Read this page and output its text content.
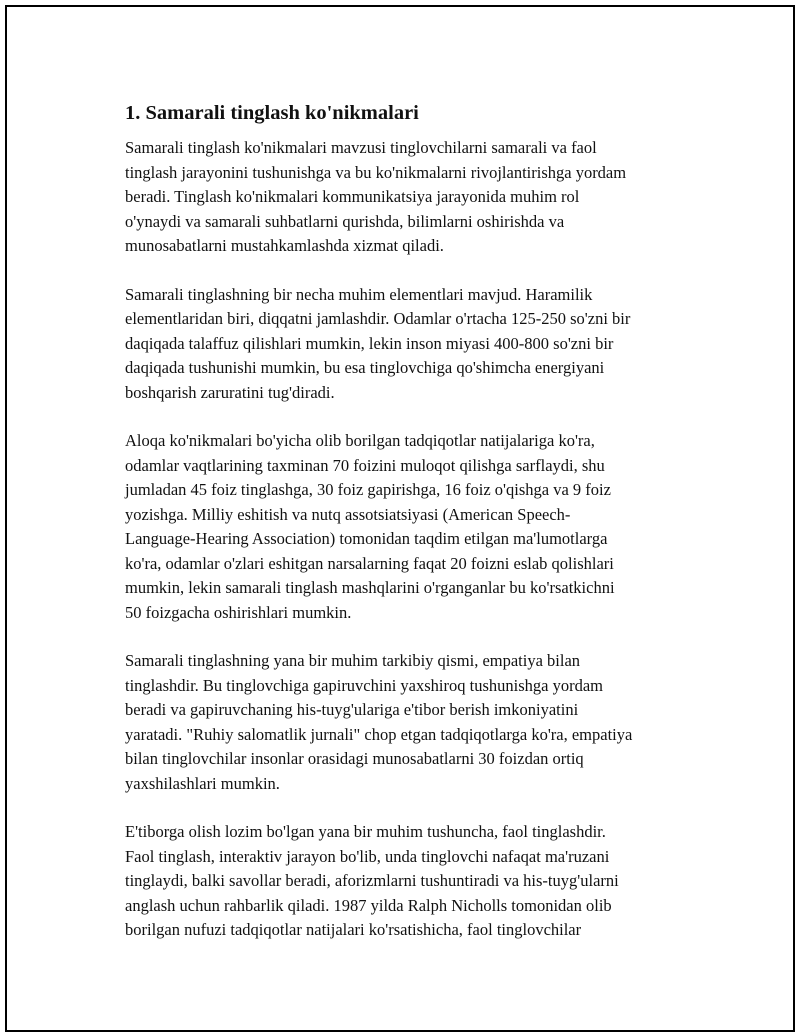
1. Samarali tinglash ko'nikmalari

Samarali tinglash ko'nikmalari mavzusi tinglovchilarni samarali va faol
tinglash jarayonini tushunishga va bu ko'nikmalarni rivojlantirishga yordam
beradi. Tinglash ko'nikmalari kommunikatsiya jarayonida muhim rol
o'ynaydi va samarali suhbatlarni qurishda, bilimlarni oshirishda va
munosabatlarni mustahkamlashda xizmat qiladi.

Samarali tinglashning bir necha muhim elementlari mavjud. Haramilik
elementlaridan biri, diqqatni jamlashdir. Odamlar o'rtacha 125-250 so'zni bir
daqiqada talaffuz qilishlari mumkin, lekin inson miyasi 400-800 so'zni bir
daqiqada tushunishi mumkin, bu esa tinglovchiga qo'shimcha energiyani
boshqarish zaruratini tug'diradi.

Aloqa ko'nikmalari bo'yicha olib borilgan tadqiqotlar natijalariga ko'ra,
odamlar vaqtlarining taxminan 70 foizini muloqot qilishga sarflaydi, shu
jumladan 45 foiz tinglashga, 30 foiz gapirishga, 16 foiz o'qishga va 9 foiz
yozishga. Milliy eshitish va nutq assotsiatsiyasi (American Speech-
Language-Hearing Association) tomonidan taqdim etilgan ma'lumotlarga
ko'ra, odamlar o'zlari eshitgan narsalarning faqat 20 foizni eslab qolishlari
mumkin, lekin samarali tinglash mashqlarini o'rganganlar bu ko'rsatkichni
50 foizgacha oshirishlari mumkin.

Samarali tinglashning yana bir muhim tarkibiy qismi, empatiya bilan
tinglashdir. Bu tinglovchiga gapiruvchini yaxshiroq tushunishga yordam
beradi va gapiruvchaning his-tuyg'ulariga e'tibor berish imkoniyatini
yaratadi. "Ruhiy salomatlik jurnali" chop etgan tadqiqotlarga ko'ra, empatiya
bilan tinglovchilar insonlar orasidagi munosabatlarni 30 foizdan ortiq
yaxshilashlari mumkin.

E'tiborga olish lozim bo'lgan yana bir muhim tushuncha, faol tinglashdir.
Faol tinglash, interaktiv jarayon bo'lib, unda tinglovchi nafaqat ma'ruzani
tinglaydi, balki savollar beradi, aforizmlarni tushuntiradi va his-tuyg'ularni
anglash uchun rahbarlik qiladi. 1987 yilda Ralph Nicholls tomonidan olib
borilgan nufuzi tadqiqotlar natijalari ko'rsatishicha, faol tinglovchilar
